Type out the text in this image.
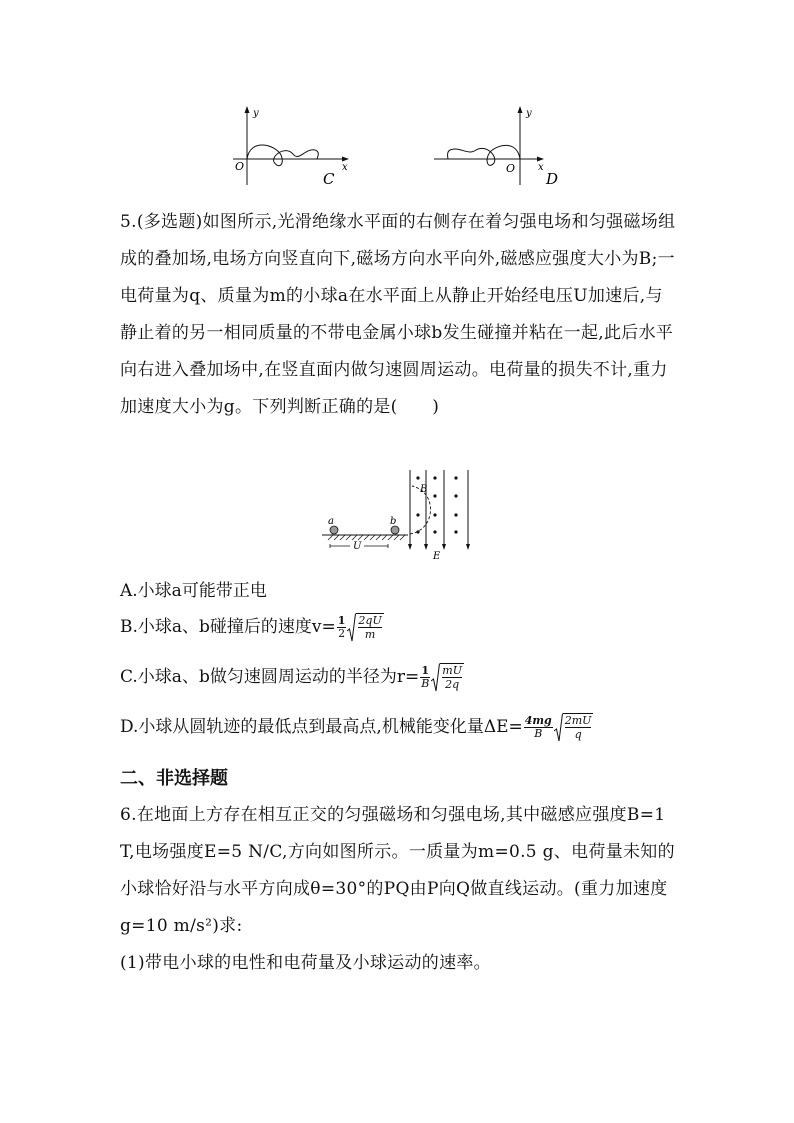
y
x
O
C
y
x
O
D
5.(多选题)如图所示,光滑绝缘水平面的右侧存在着匀强电场和匀强磁场组成的叠加场,电场方向竖直向下,磁场方向水平向外,磁感应强度大小为B;一电荷量为q、质量为m的小球a在水平面上从静止开始经电压U加速后,与静止着的另一相同质量的不带电金属小球b发生碰撞并粘在一起,此后水平向右进入叠加场中,在竖直面内做匀速圆周运动。电荷量的损失不计,重力加速度大小为g。下列判断正确的是(　　)
a	b
U
B
E
A.小球a可能带正电
B.小球a、b碰撞后的速度$v= \frac{1}{2} \frac{2qU}{m}$
C.小球a、b做匀速圆周运动的半径为$r= \frac{1}{B} \frac{mU}{2q}$
D.小球从圆轨迹的最低点到最高点,机械能变化量$\Delta E= \frac{4mg}{B} \frac{2mU}{q}$
二、非选择题
6.在地面上方存在相互正交的匀强磁场和匀强电场,其中磁感应强度B=1 T,电场强度E=5 N/C,方向如图所示。一质量为m=0.5 g、电荷量未知的小球恰好沿与水平方向成θ=30°的PQ由P向Q做直线运动。(重力加速度g=10 m/s²)求:
(1)带电小球的电性和电荷量及小球运动的速率。
